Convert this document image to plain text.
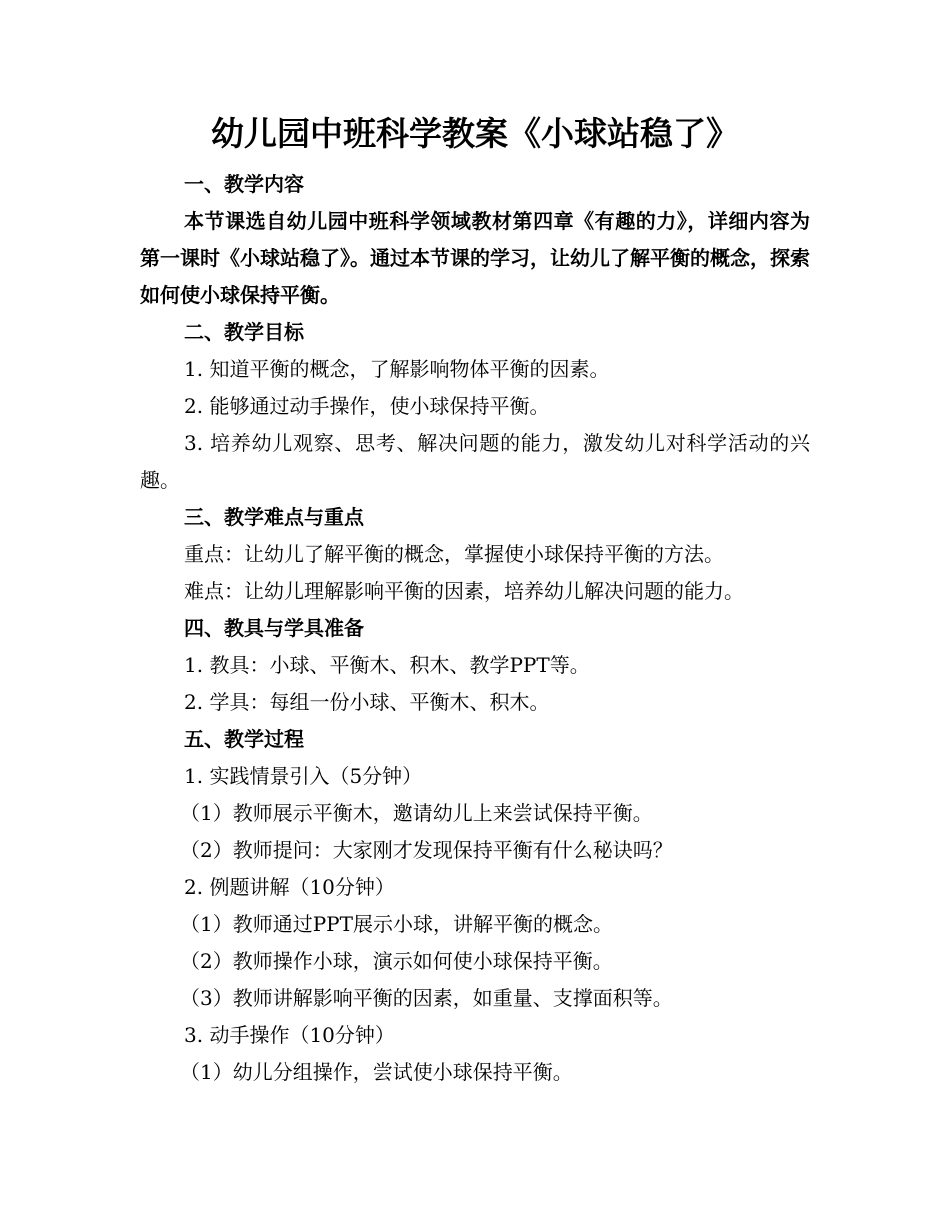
幼儿园中班科学教案《小球站稳了》

一、教学内容

本节课选自幼儿园中班科学领域教材第四章《有趣的力》，详细内容为第一课时《小球站稳了》。通过本节课的学习，让幼儿了解平衡的概念，探索如何使小球保持平衡。

二、教学目标

1. 知道平衡的概念，了解影响物体平衡的因素。

2. 能够通过动手操作，使小球保持平衡。

3. 培养幼儿观察、思考、解决问题的能力，激发幼儿对科学活动的兴趣。

三、教学难点与重点

重点：让幼儿了解平衡的概念，掌握使小球保持平衡的方法。

难点：让幼儿理解影响平衡的因素，培养幼儿解决问题的能力。

四、教具与学具准备

1. 教具：小球、平衡木、积木、教学PPT等。

2. 学具：每组一份小球、平衡木、积木。

五、教学过程

1. 实践情景引入（5分钟）

（1）教师展示平衡木，邀请幼儿上来尝试保持平衡。

（2）教师提问：大家刚才发现保持平衡有什么秘诀吗？

2. 例题讲解（10分钟）

（1）教师通过PPT展示小球，讲解平衡的概念。

（2）教师操作小球，演示如何使小球保持平衡。

（3）教师讲解影响平衡的因素，如重量、支撑面积等。

3. 动手操作（10分钟）

（1）幼儿分组操作，尝试使小球保持平衡。
